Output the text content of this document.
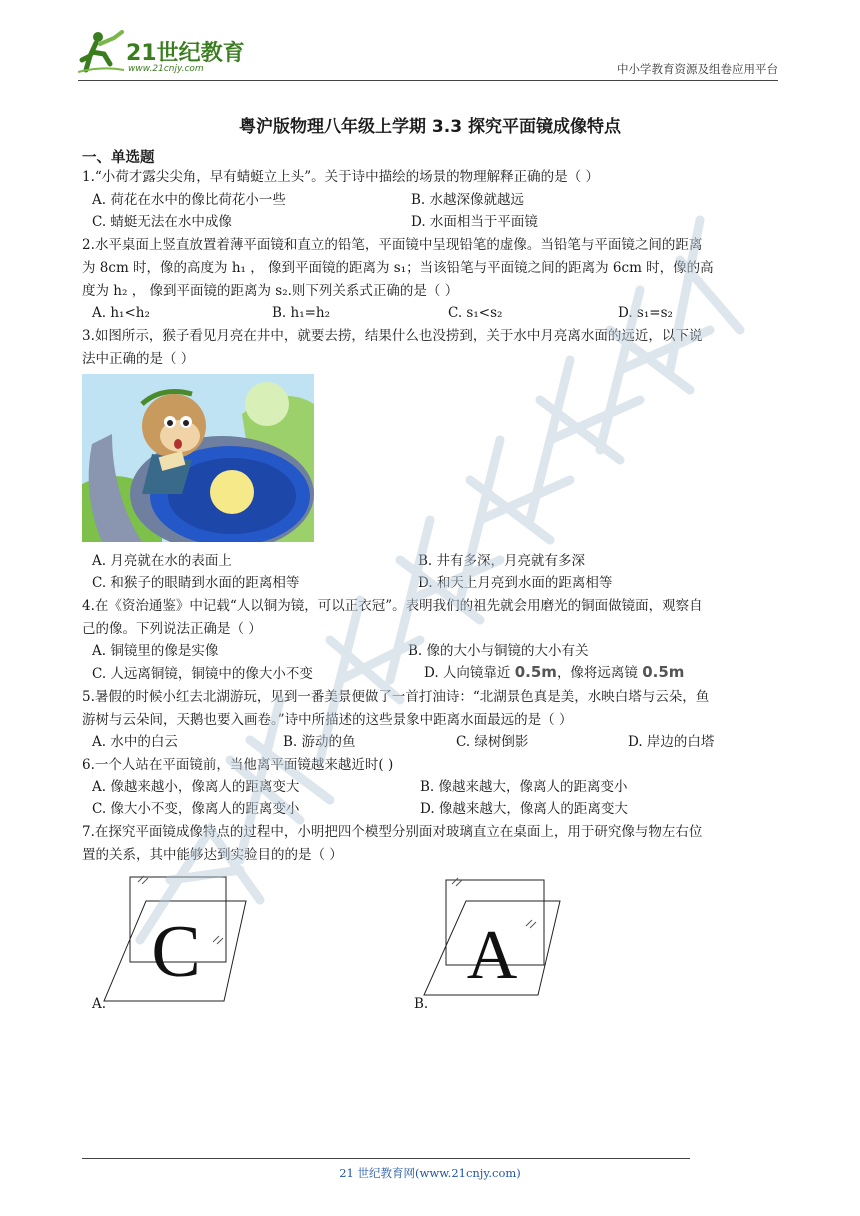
21世纪教育
www.21cnjy.com	中小学教育资源及组卷应用平台
粤沪版物理八年级上学期 3.3 探究平面镜成像特点
一、单选题
1.“小荷才露尖尖角，早有蜻蜓立上头”。关于诗中描绘的场景的物理解释正确的是（ ）
A. 荷花在水中的像比荷花小一些	B. 水越深像就越远
C. 蜻蜓无法在水中成像	D. 水面相当于平面镜
2.水平桌面上竖直放置着薄平面镜和直立的铅笔，平面镜中呈现铅笔的虚像。当铅笔与平面镜之间的距离
为 8cm 时，像的高度为 h₁ ， 像到平面镜的距离为 s₁；当该铅笔与平面镜之间的距离为 6cm 时，像的高
度为 h₂ ， 像到平面镜的距离为 s₂.则下列关系式正确的是（ ）
A. h₁<h₂	B. h₁=h₂	C. s₁<s₂	D. s₁=s₂
3.如图所示，猴子看见月亮在井中，就要去捞，结果什么也没捞到，关于水中月亮离水面的远近，以下说
法中正确的是（ ）
A. 月亮就在水的表面上	B. 井有多深，月亮就有多深
C. 和猴子的眼睛到水面的距离相等	D. 和天上月亮到水面的距离相等
4.在《资治通鉴》中记载“人以铜为镜，可以正衣冠”。表明我们的祖先就会用磨光的铜面做镜面，观察自
己的像。下列说法正确是（ ）
A. 铜镜里的像是实像	B. 像的大小与铜镜的大小有关
C. 人远离铜镜，铜镜中的像大小不变	D. 人向镜靠近 0.5m，像将远离镜 0.5m
5.暑假的时候小红去北湖游玩，见到一番美景便做了一首打油诗：“北湖景色真是美，水映白塔与云朵，鱼
游树与云朵间，天鹅也要入画卷。”诗中所描述的这些景象中距离水面最远的是（ ）
A. 水中的白云	B. 游动的鱼	C. 绿树倒影	D. 岸边的白塔
6.一个人站在平面镜前，当他离平面镜越来越近时( )
A. 像越来越小，像离人的距离变大	B. 像越来越大，像离人的距离变小
C. 像大小不变，像离人的距离变小	D. 像越来越大，像离人的距离变大
7.在探究平面镜成像特点的过程中，小明把四个模型分别面对玻璃直立在桌面上，用于研究像与物左右位
置的关系，其中能够达到实验目的的是（ ）
C
A.
A
B.
21 世纪教育网(www.21cnjy.com)
